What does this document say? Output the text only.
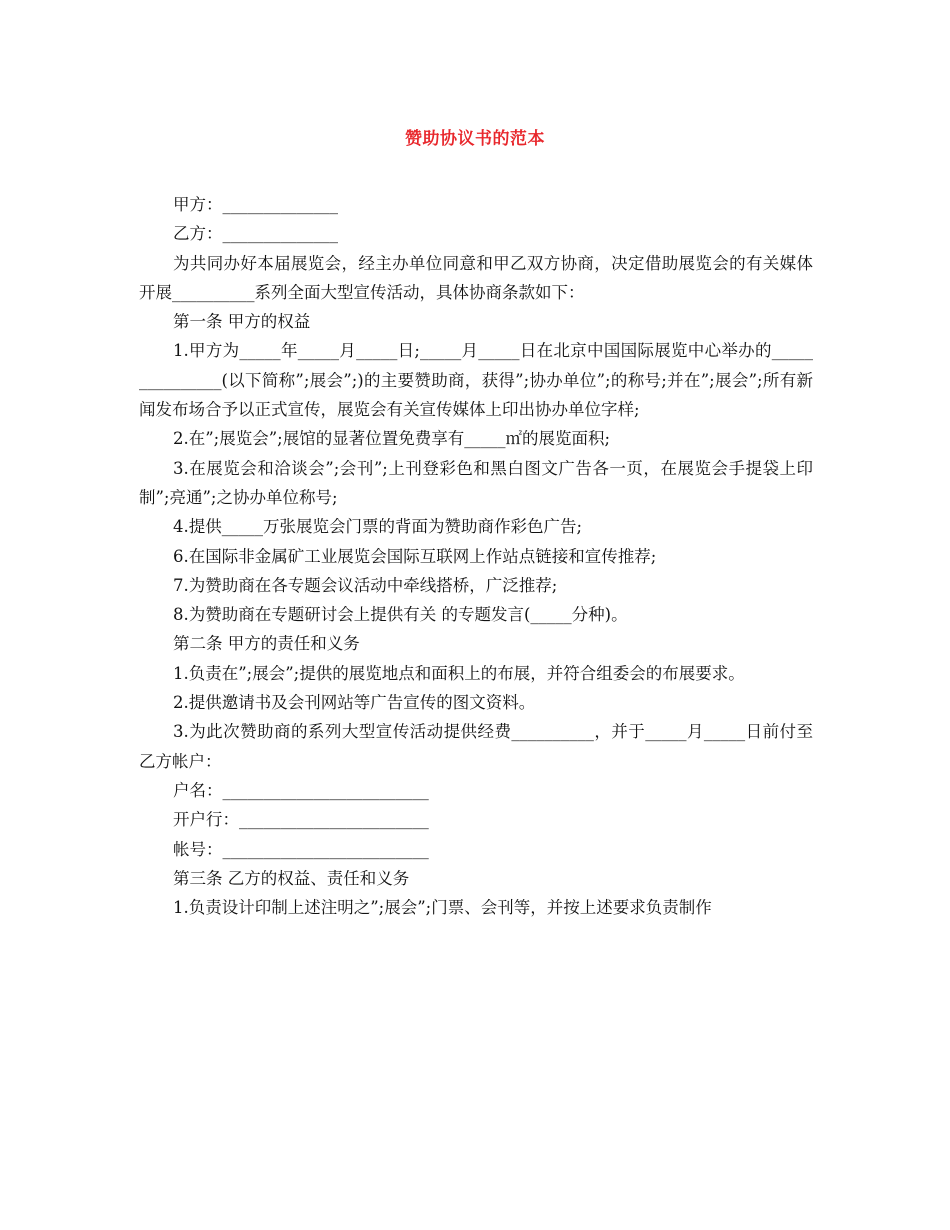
赞助协议书的范本

甲方：______________

乙方：______________

为共同办好本届展览会，经主办单位同意和甲乙双方协商，决定借助展览会的有关媒体开展__________系列全面大型宣传活动，具体协商条款如下：

第一条 甲方的权益

1.甲方为_____年_____月_____日;_____月_____日在北京中国国际展览中心举办的_______________(以下简称”;展会”;)的主要赞助商，获得”;协办单位”;的称号;并在”;展会”;所有新闻发布场合予以正式宣传，展览会有关宣传媒体上印出协办单位字样;

2.在”;展览会”;展馆的显著位置免费享有_____㎡的展览面积;

3.在展览会和洽谈会”;会刊”;上刊登彩色和黑白图文广告各一页，在展览会手提袋上印制”;亮通”;之协办单位称号;

4.提供_____万张展览会门票的背面为赞助商作彩色广告;

6.在国际非金属矿工业展览会国际互联网上作站点链接和宣传推荐;

7.为赞助商在各专题会议活动中牵线搭桥，广泛推荐;

8.为赞助商在专题研讨会上提供有关 的专题发言(_____分种)。

第二条 甲方的责任和义务

1.负责在”;展会”;提供的展览地点和面积上的布展，并符合组委会的布展要求。

2.提供邀请书及会刊网站等广告宣传的图文资料。

3.为此次赞助商的系列大型宣传活动提供经费__________，并于_____月_____日前付至乙方帐户：

户名：_________________________

开户行：_______________________

帐号：_________________________

第三条 乙方的权益、责任和义务

1.负责设计印制上述注明之”;展会”;门票、会刊等，并按上述要求负责制作
